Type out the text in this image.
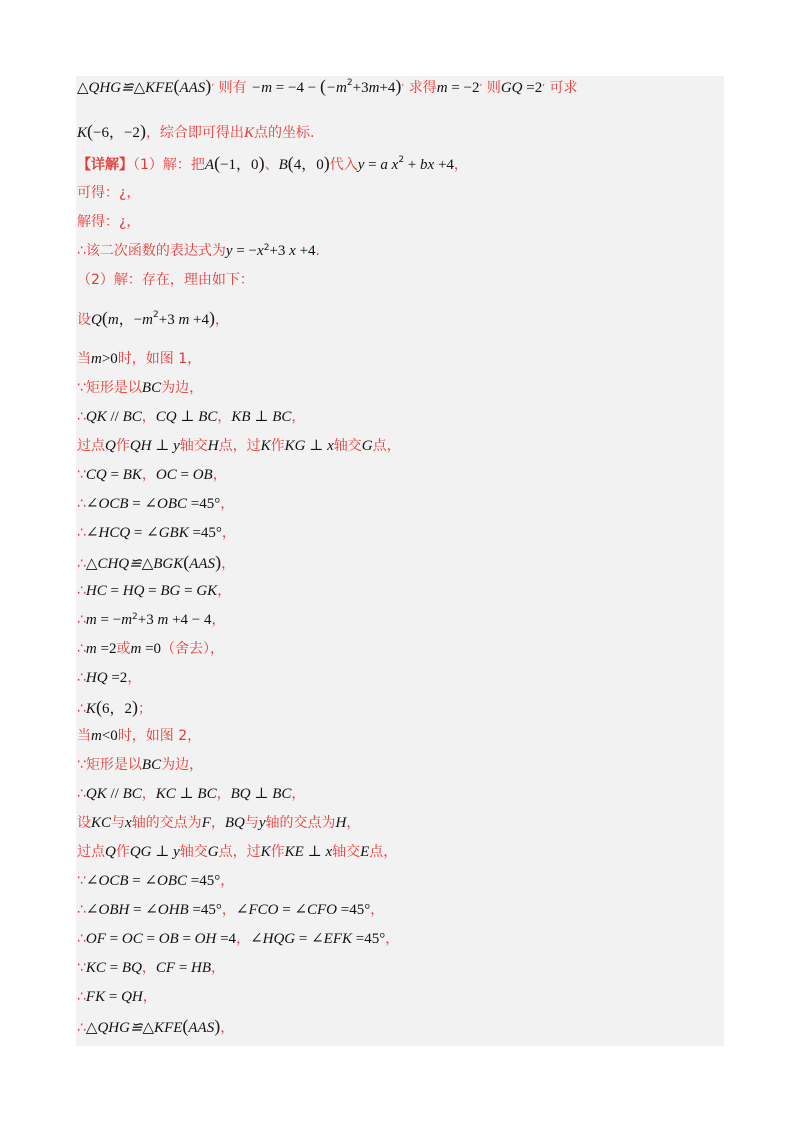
△QHG≌△KFE(AAS), 则有 $-m = -4 - (-m^2+3m+4)^,$ 求得m = −2, 则GQ =2, 可求
K(−6，−2)，综合即可得出K点的坐标.
【详解】（1）解：把A(−1，0)、B(4，0)代入y = a $x^2$ + bx +4，
可得：¿，
解得：¿，
∴该二次函数的表达式为$y = -x^2+3$ x +4.
（2）解：存在，理由如下：
设Q(m，$-m^2+3$ m +4)，
当m>0时，如图 1，
∵矩形是以BC为边，
∴QK // BC，CQ ⊥ BC，KB ⊥ BC，
过点Q作QH ⊥ y轴交H点，过K作KG ⊥ x轴交G点，
∵CQ = BK，OC = OB，
∴∠OCB = ∠OBC =45°，
∴∠HCQ = ∠GBK =45°，
∴△CHQ≌△BGK(AAS)，
∴HC = HQ = BG = GK，
∴m = $-m^2+3$ m +4 − 4，
∴m =2或m =0（舍去），
∴HQ =2，
∴K(6，2)；
当m<0时，如图 2，
∵矩形是以BC为边，
∴QK // BC，KC ⊥ BC，BQ ⊥ BC，
设KC与x轴的交点为F，BQ与y轴的交点为H，
过点Q作QG ⊥ y轴交G点，过K作KE ⊥ x轴交E点，
∵∠OCB = ∠OBC =45°，
∴∠OBH = ∠OHB =45°，∠FCO = ∠CFO =45°，
∴OF = OC = OB = OH =4，∠HQG = ∠EFK =45°，
∵KC = BQ，CF = HB，
∴FK = QH，
∴△QHG≌△KFE(AAS)，
